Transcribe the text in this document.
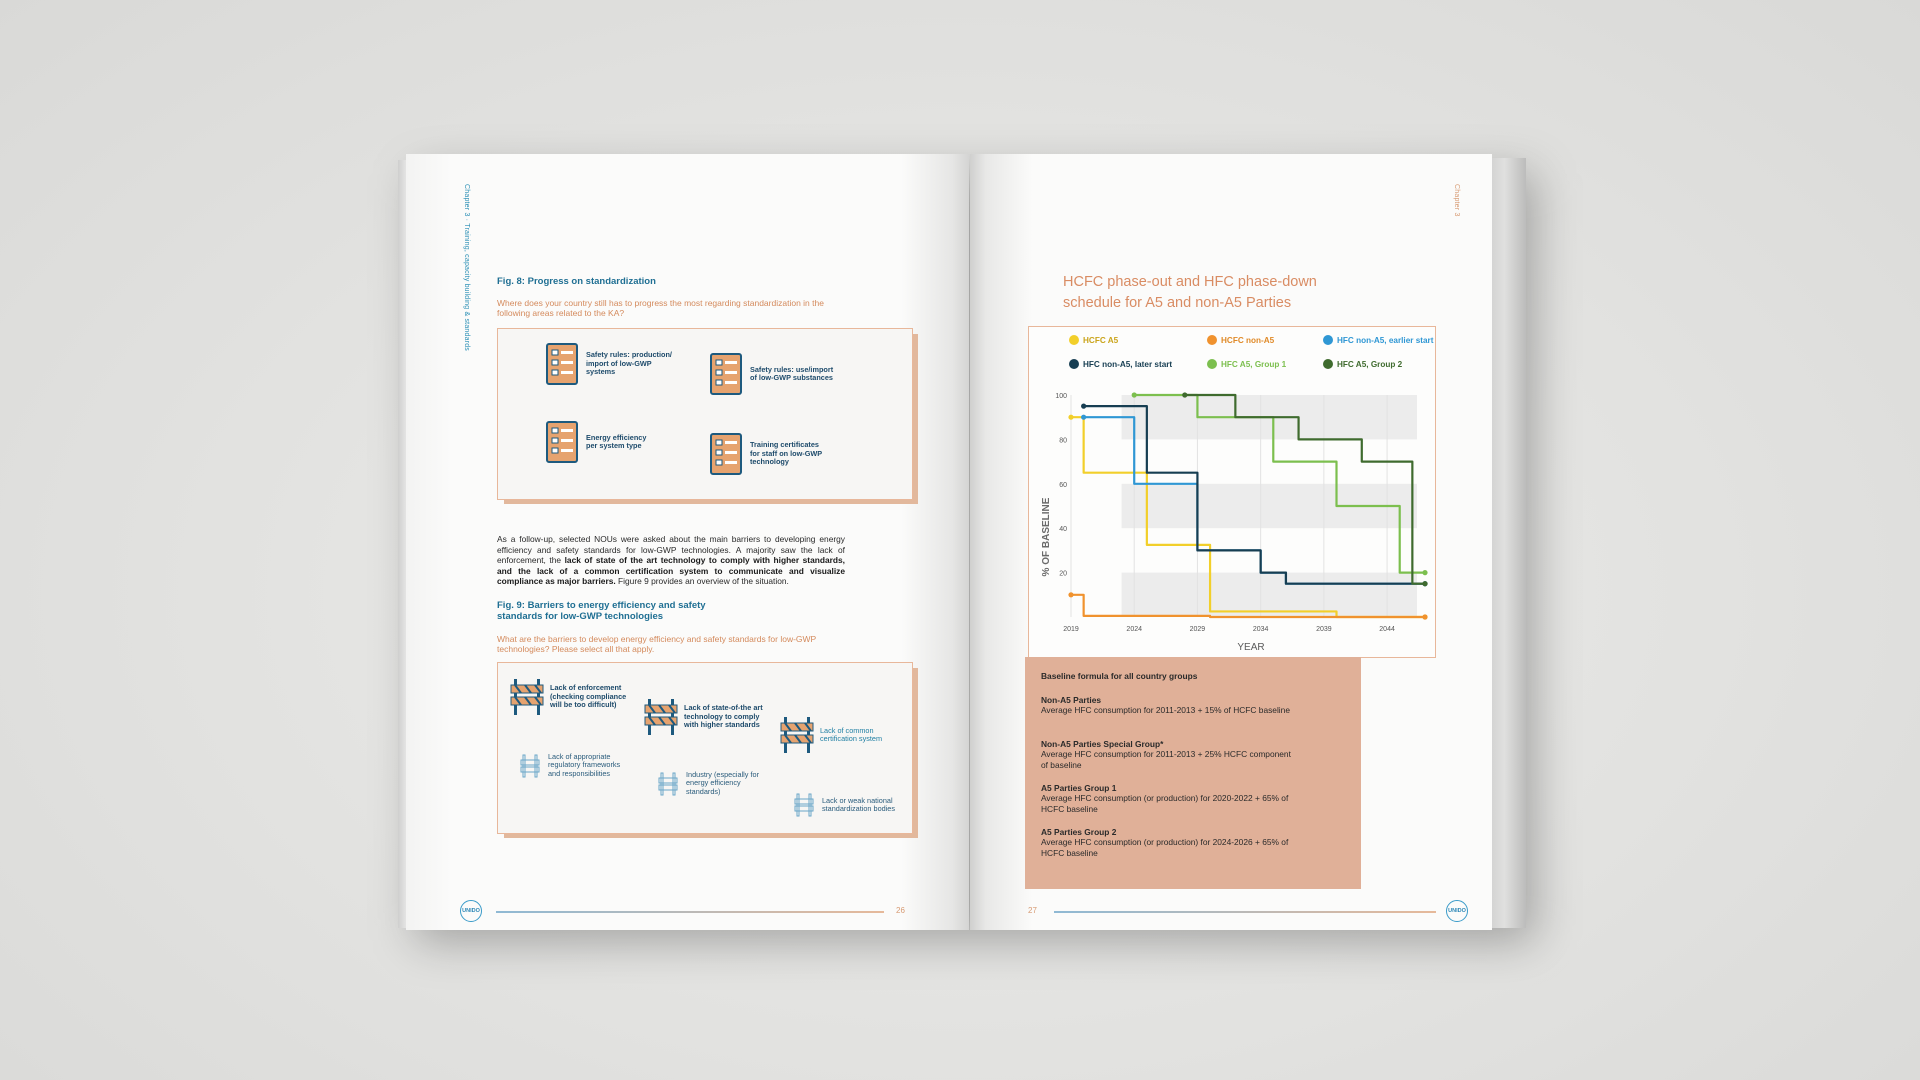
Chapter 3 · Training, capacity building & standards	Fig. 8: Progress on standardization
Where does your country still has to progress the most regarding standardization in the following areas related to the KA?
Safety rules: production/ import of low-GWP systems	Safety rules: use/import of low-GWP substances
Energy efficiency per system type	Training certificates for staff on low-GWP technology
As a follow-up, selected NOUs were asked about the main barriers to developing energy efficiency and safety standards for low-GWP technologies. A majority saw the lack of enforcement, the lack of state of the art technology to comply with higher standards, and the lack of a common certification system to communicate and visualize compliance as major barriers. Figure 9 provides an overview of the situation.
Fig. 9: Barriers to energy efficiency and safety standards for low-GWP technologies
What are the barriers to develop energy efficiency and safety standards for low-GWP technologies? Please select all that apply.
Lack of enforcement (checking compliance will be too difficult)	Lack of state-of-the art technology to comply with higher standards
Lack of common certification system
Lack of appropriate regulatory frameworks and responsibilities	Industry (especially for energy efficiency standards)
Lack or weak national standardization bodies
UNIDO	26
Chapter 3
HCFC phase-out and HFC phase-down
schedule for A5 and non-A5 Parties
HCFC A5	HCFC non-A5	HFC non-A5, earlier start
HFC non-A5, later start	HFC A5, Group 1	HFC A5, Group 2
2019	2024	2029	2034	2039	2044
20
40
60
80
100
% OF BASELINE
YEAR
Baseline formula for all country groups
Non-A5 Parties
Average HFC consumption for 2011-2013 + 15% of HCFC baseline
Non-A5 Parties Special Group*
Average HFC consumption for 2011-2013 + 25% HCFC component of baseline
A5 Parties Group 1
Average HFC consumption (or production) for 2020-2022 + 65% of HCFC baseline
A5 Parties Group 2
Average HFC consumption (or production) for 2024-2026 + 65% of HCFC baseline
27	UNIDO
